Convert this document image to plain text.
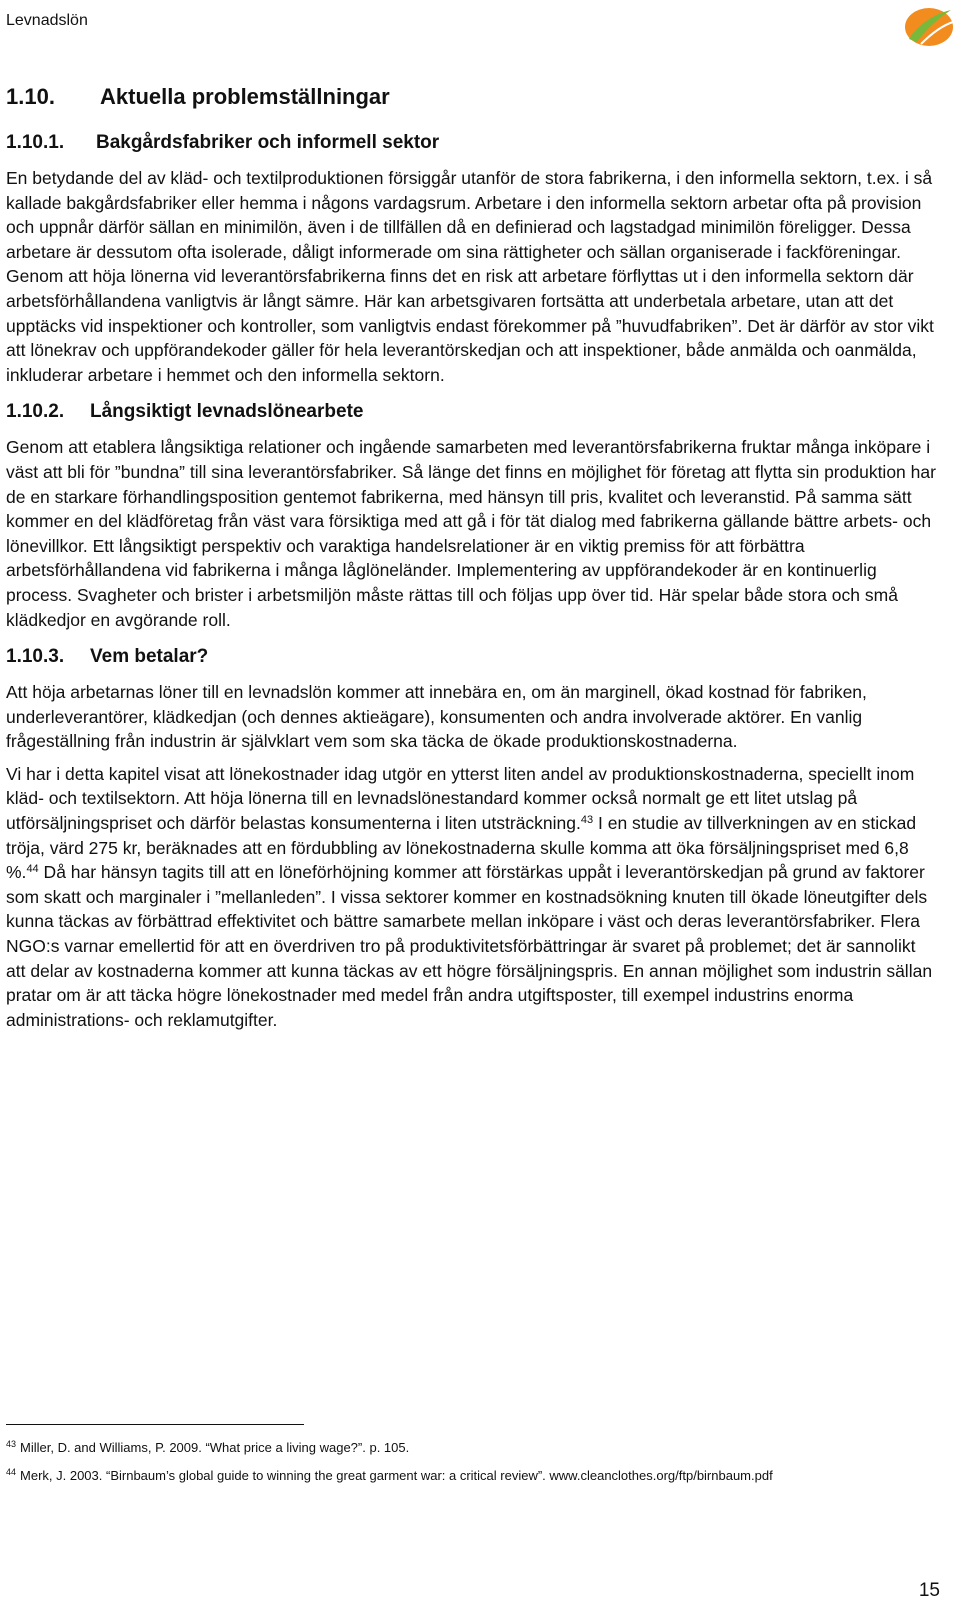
Levnadslön
1.10. Aktuella problemställningar
1.10.1. Bakgårdsfabriker och informell sektor

En betydande del av kläd- och textilproduktionen försiggår utanför de stora fabrikerna, i den informella sektorn, t.ex. i så kallade bakgårdsfabriker eller hemma i någons vardagsrum. Arbetare i den informella sektorn arbetar ofta på provision och uppnår därför sällan en minimilön, även i de tillfällen då en definierad och lagstadgad minimilön föreligger. Dessa arbetare är dessutom ofta isolerade, dåligt informerade om sina rättigheter och sällan organiserade i fackföreningar. Genom att höja lönerna vid leverantörsfabrikerna finns det en risk att arbetare förflyttas ut i den informella sektorn där arbetsförhållandena vanligtvis är långt sämre. Här kan arbetsgivaren fortsätta att underbetala arbetare, utan att det upptäcks vid inspektioner och kontroller, som vanligtvis endast förekommer på ”huvudfabriken”. Det är därför av stor vikt att lönekrav och uppförandekoder gäller för hela leverantörskedjan och att inspektioner, både anmälda och oanmälda, inkluderar arbetare i hemmet och den informella sektorn.

1.10.2. Långsiktigt levnadslönearbete

Genom att etablera långsiktiga relationer och ingående samarbeten med leverantörsfabrikerna fruktar många inköpare i väst att bli för ”bundna” till sina leverantörsfabriker. Så länge det finns en möjlighet för företag att flytta sin produktion har de en starkare förhandlingsposition gentemot fabrikerna, med hänsyn till pris, kvalitet och leveranstid. På samma sätt kommer en del klädföretag från väst vara försiktiga med att gå i för tät dialog med fabrikerna gällande bättre arbets- och lönevillkor. Ett långsiktigt perspektiv och varaktiga handelsrelationer är en viktig premiss för att förbättra arbetsförhållandena vid fabrikerna i många låglöneländer. Implementering av uppförandekoder är en kontinuerlig process. Svagheter och brister i arbetsmiljön måste rättas till och följas upp över tid. Här spelar både stora och små klädkedjor en avgörande roll.

1.10.3. Vem betalar?

Att höja arbetarnas löner till en levnadslön kommer att innebära en, om än marginell, ökad kostnad för fabriken, underleverantörer, klädkedjan (och dennes aktieägare), konsumenten och andra involverade aktörer. En vanlig frågeställning från industrin är självklart vem som ska täcka de ökade produktionskostnaderna.

Vi har i detta kapitel visat att lönekostnader idag utgör en ytterst liten andel av produktionskostnaderna, speciellt inom kläd- och textilsektorn. Att höja lönerna till en levnadslönestandard kommer också normalt ge ett litet utslag på utförsäljningspriset och därför belastas konsumenterna i liten utsträckning.$^{43}$ I en studie av tillverkningen av en stickad tröja, värd 275 kr, beräknades att en fördubbling av lönekostnaderna skulle komma att öka försäljningspriset med 6,8 %.$^{44}$ Då har hänsyn tagits till att en löneförhöjning kommer att förstärkas uppåt i leverantörskedjan på grund av faktorer som skatt och marginaler i ”mellanleden”. I vissa sektorer kommer en kostnadsökning knuten till ökade löneutgifter dels kunna täckas av förbättrad effektivitet och bättre samarbete mellan inköpare i väst och deras leverantörsfabriker. Flera NGO:s varnar emellertid för att en överdriven tro på produktivitetsförbättringar är svaret på problemet; det är sannolikt att delar av kostnaderna kommer att kunna täckas av ett högre försäljningspris. En annan möjlighet som industrin sällan pratar om är att täcka högre lönekostnader med medel från andra utgiftsposter, till exempel industrins enorma administrations- och reklamutgifter.

$^{43}$ Miller, D. and Williams, P. 2009. “What price a living wage?”. p. 105.

$^{44}$ Merk, J. 2003. “Birnbaum’s global guide to winning the great garment war: a critical review”. www.cleanclothes.org/ftp/birnbaum.pdf

15
